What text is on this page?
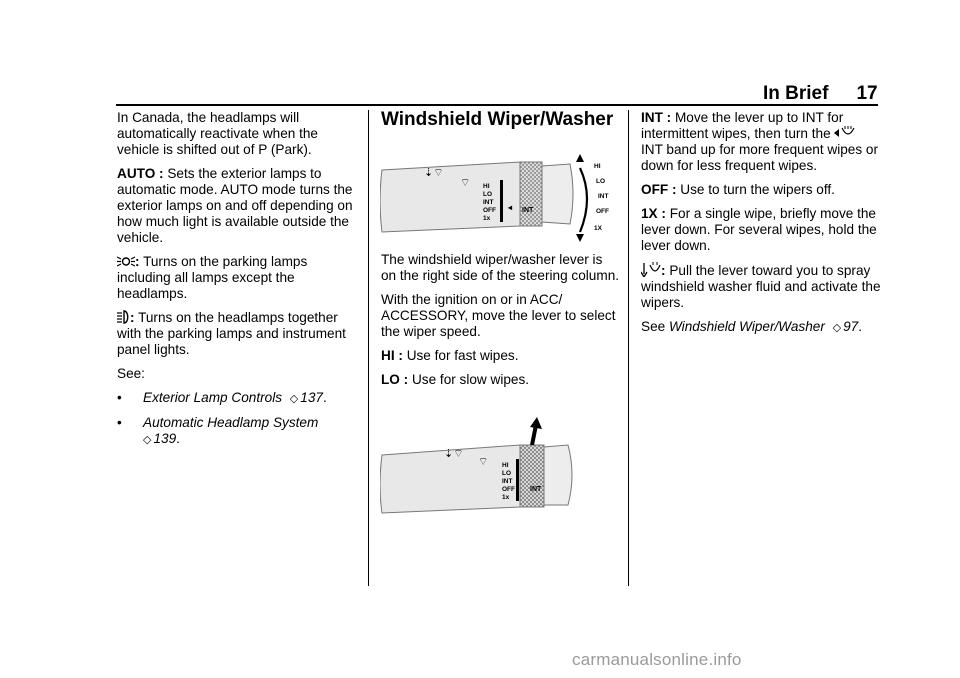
In Brief 17

In Canada, the headlamps will automatically reactivate when the vehicle is shifted out of P (Park).

AUTO : Sets the exterior lamps to automatic mode. AUTO mode turns the exterior lamps on and off depending on how much light is available outside the vehicle.

: Turns on the parking lamps including all lamps except the headlamps.

: Turns on the headlamps together with the parking lamps and instrument panel lights.

See:

•	Exterior Lamp Controls ◇ 137.
•	Automatic Headlamp System
◇ 139.
Windshield Wiper/Washer
⇣⌔
⌔ HI
LO
INT
OFF
1x
◂ INT
HI
LO
INT
OFF
1X

The windshield wiper/washer lever is on the right side of the steering column.

With the ignition on or in ACC/ ACCESSORY, move the lever to select the wiper speed.

HI : Use for fast wipes.

LO : Use for slow wipes.

⇣⌔
⌔ HI
LO
INT
OFF
1x
INT

INT : Move the lever up to INT for intermittent wipes, then turn the  INT band up for more frequent wipes or down for less frequent wipes.

OFF : Use to turn the wipers off.

1X : For a single wipe, briefly move the lever down. For several wipes, hold the lever down.

: Pull the lever toward you to spray windshield washer fluid and activate the wipers.

See Windshield Wiper/Washer ◇ 97.

carmanualsonline.info
